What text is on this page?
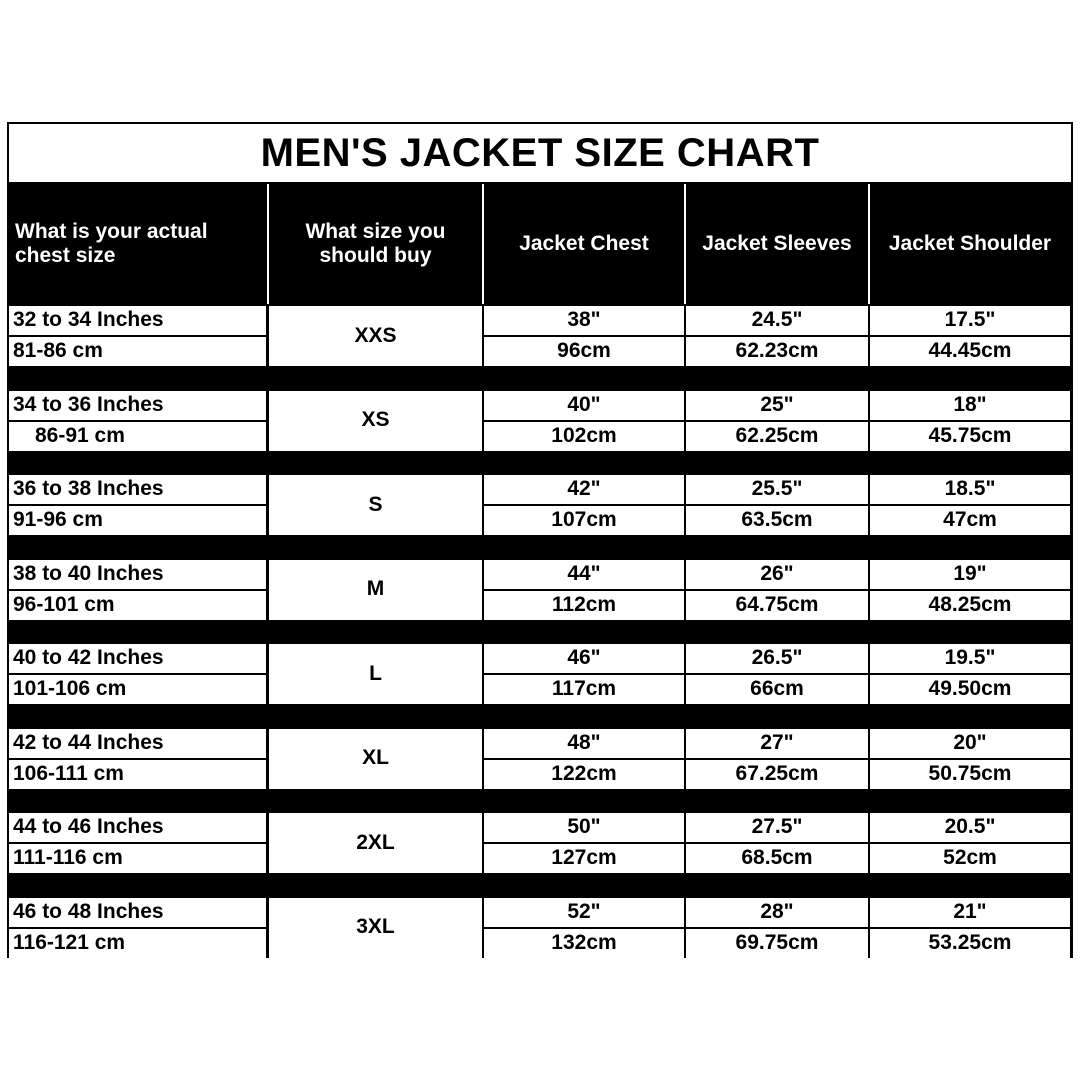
MEN'S JACKET SIZE CHART
What is your actual chest size
What size you should buy
Jacket Chest	Jacket Sleeves	Jacket Shoulder
32 to 34 Inches
81-86 cm
XXS
38"
96cm
24.5"
62.23cm
17.5"
44.45cm
34 to 36 Inches
86-91 cm
XS
40"
102cm
25"
62.25cm
18"
45.75cm
36 to 38 Inches
91-96 cm
S
42"
107cm
25.5"
63.5cm
18.5"
47cm
38 to 40 Inches
96-101 cm
M
44"
112cm
26"
64.75cm
19"
48.25cm
40 to 42 Inches
101-106 cm
L
46"
117cm
26.5"
66cm
19.5"
49.50cm
42 to 44 Inches
106-111 cm
XL
48"
122cm
27"
67.25cm
20"
50.75cm
44 to 46 Inches
111-116 cm
2XL
50"
127cm
27.5"
68.5cm
20.5"
52cm
46 to 48 Inches
116-121 cm
3XL
52"
132cm
28"
69.75cm
21"
53.25cm
